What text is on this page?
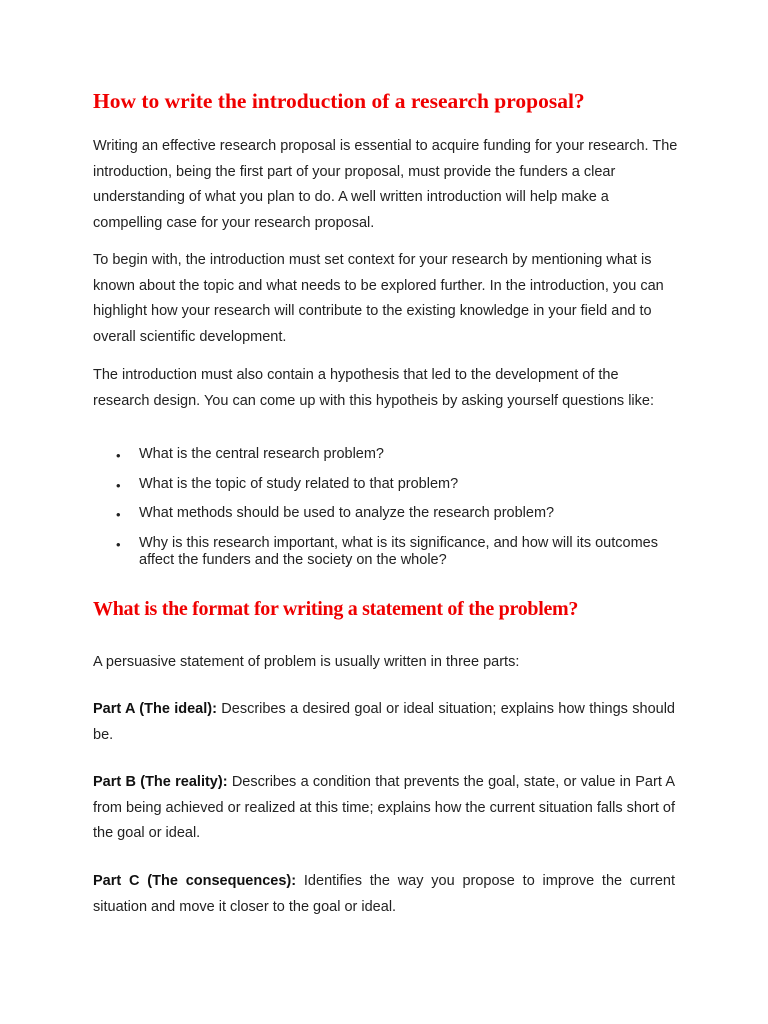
How to write the introduction of a research proposal?

Writing an effective research proposal is essential to acquire funding for your research. The introduction, being the first part of your proposal, must provide the funders a clear understanding of what you plan to do. A well written introduction will help make a compelling case for your research proposal.

To begin with, the introduction must set context for your research by mentioning what is known about the topic and what needs to be explored further. In the introduction, you can highlight how your research will contribute to the existing knowledge in your field and to overall scientific development.

The introduction must also contain a hypothesis that led to the development of the research design. You can come up with this hypotheis by asking yourself questions like:

• What is the central research problem?
• What is the topic of study related to that problem?
• What methods should be used to analyze the research problem?
• Why is this research important, what is its significance, and how will its outcomes affect the funders and the society on the whole?
What is the format for writing a statement of the problem?

A persuasive statement of problem is usually written in three parts:

Part A (The ideal): Describes a desired goal or ideal situation; explains how things should be.

Part B (The reality): Describes a condition that prevents the goal, state, or value in Part A from being achieved or realized at this time; explains how the current situation falls short of the goal or ideal.

Part C (The consequences): Identifies the way you propose to improve the current situation and move it closer to the goal or ideal.
